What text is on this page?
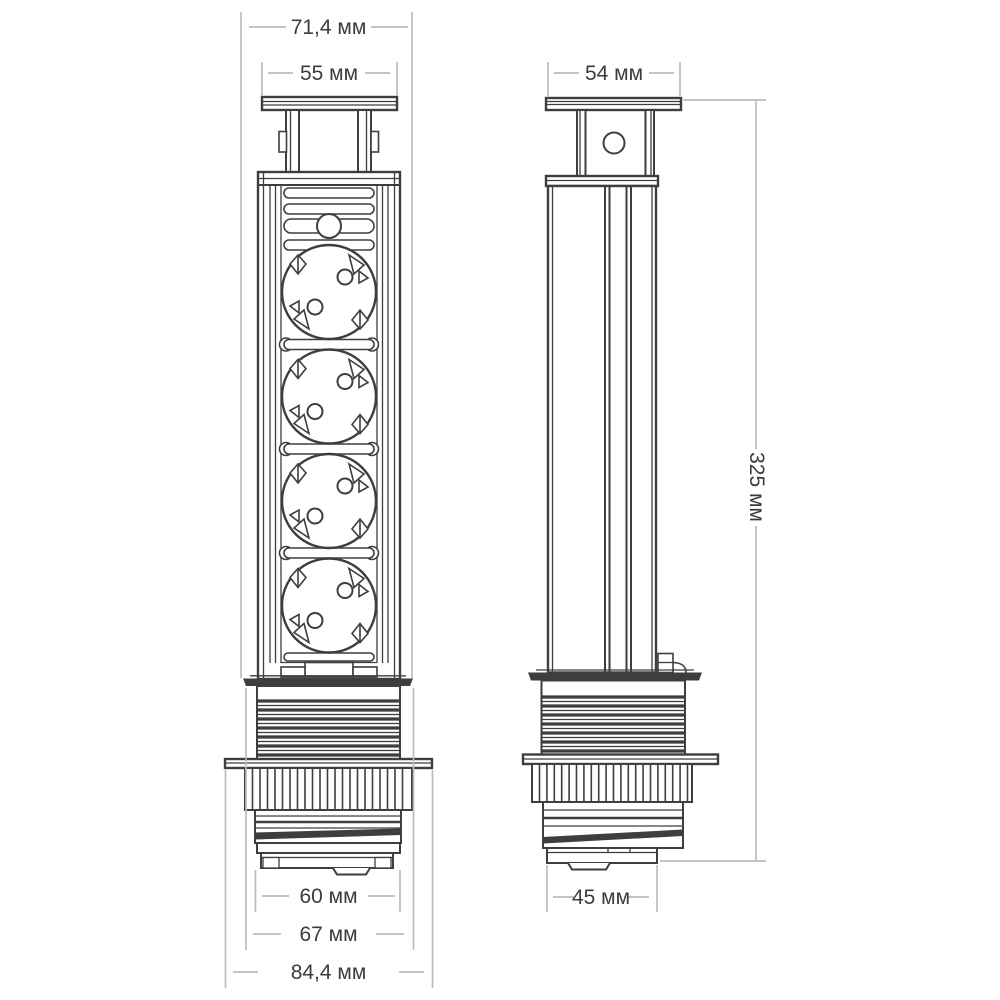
71,4 мм
55 мм	54 мм
325 мм
60 мм
67 мм
84,4 мм
45 мм
